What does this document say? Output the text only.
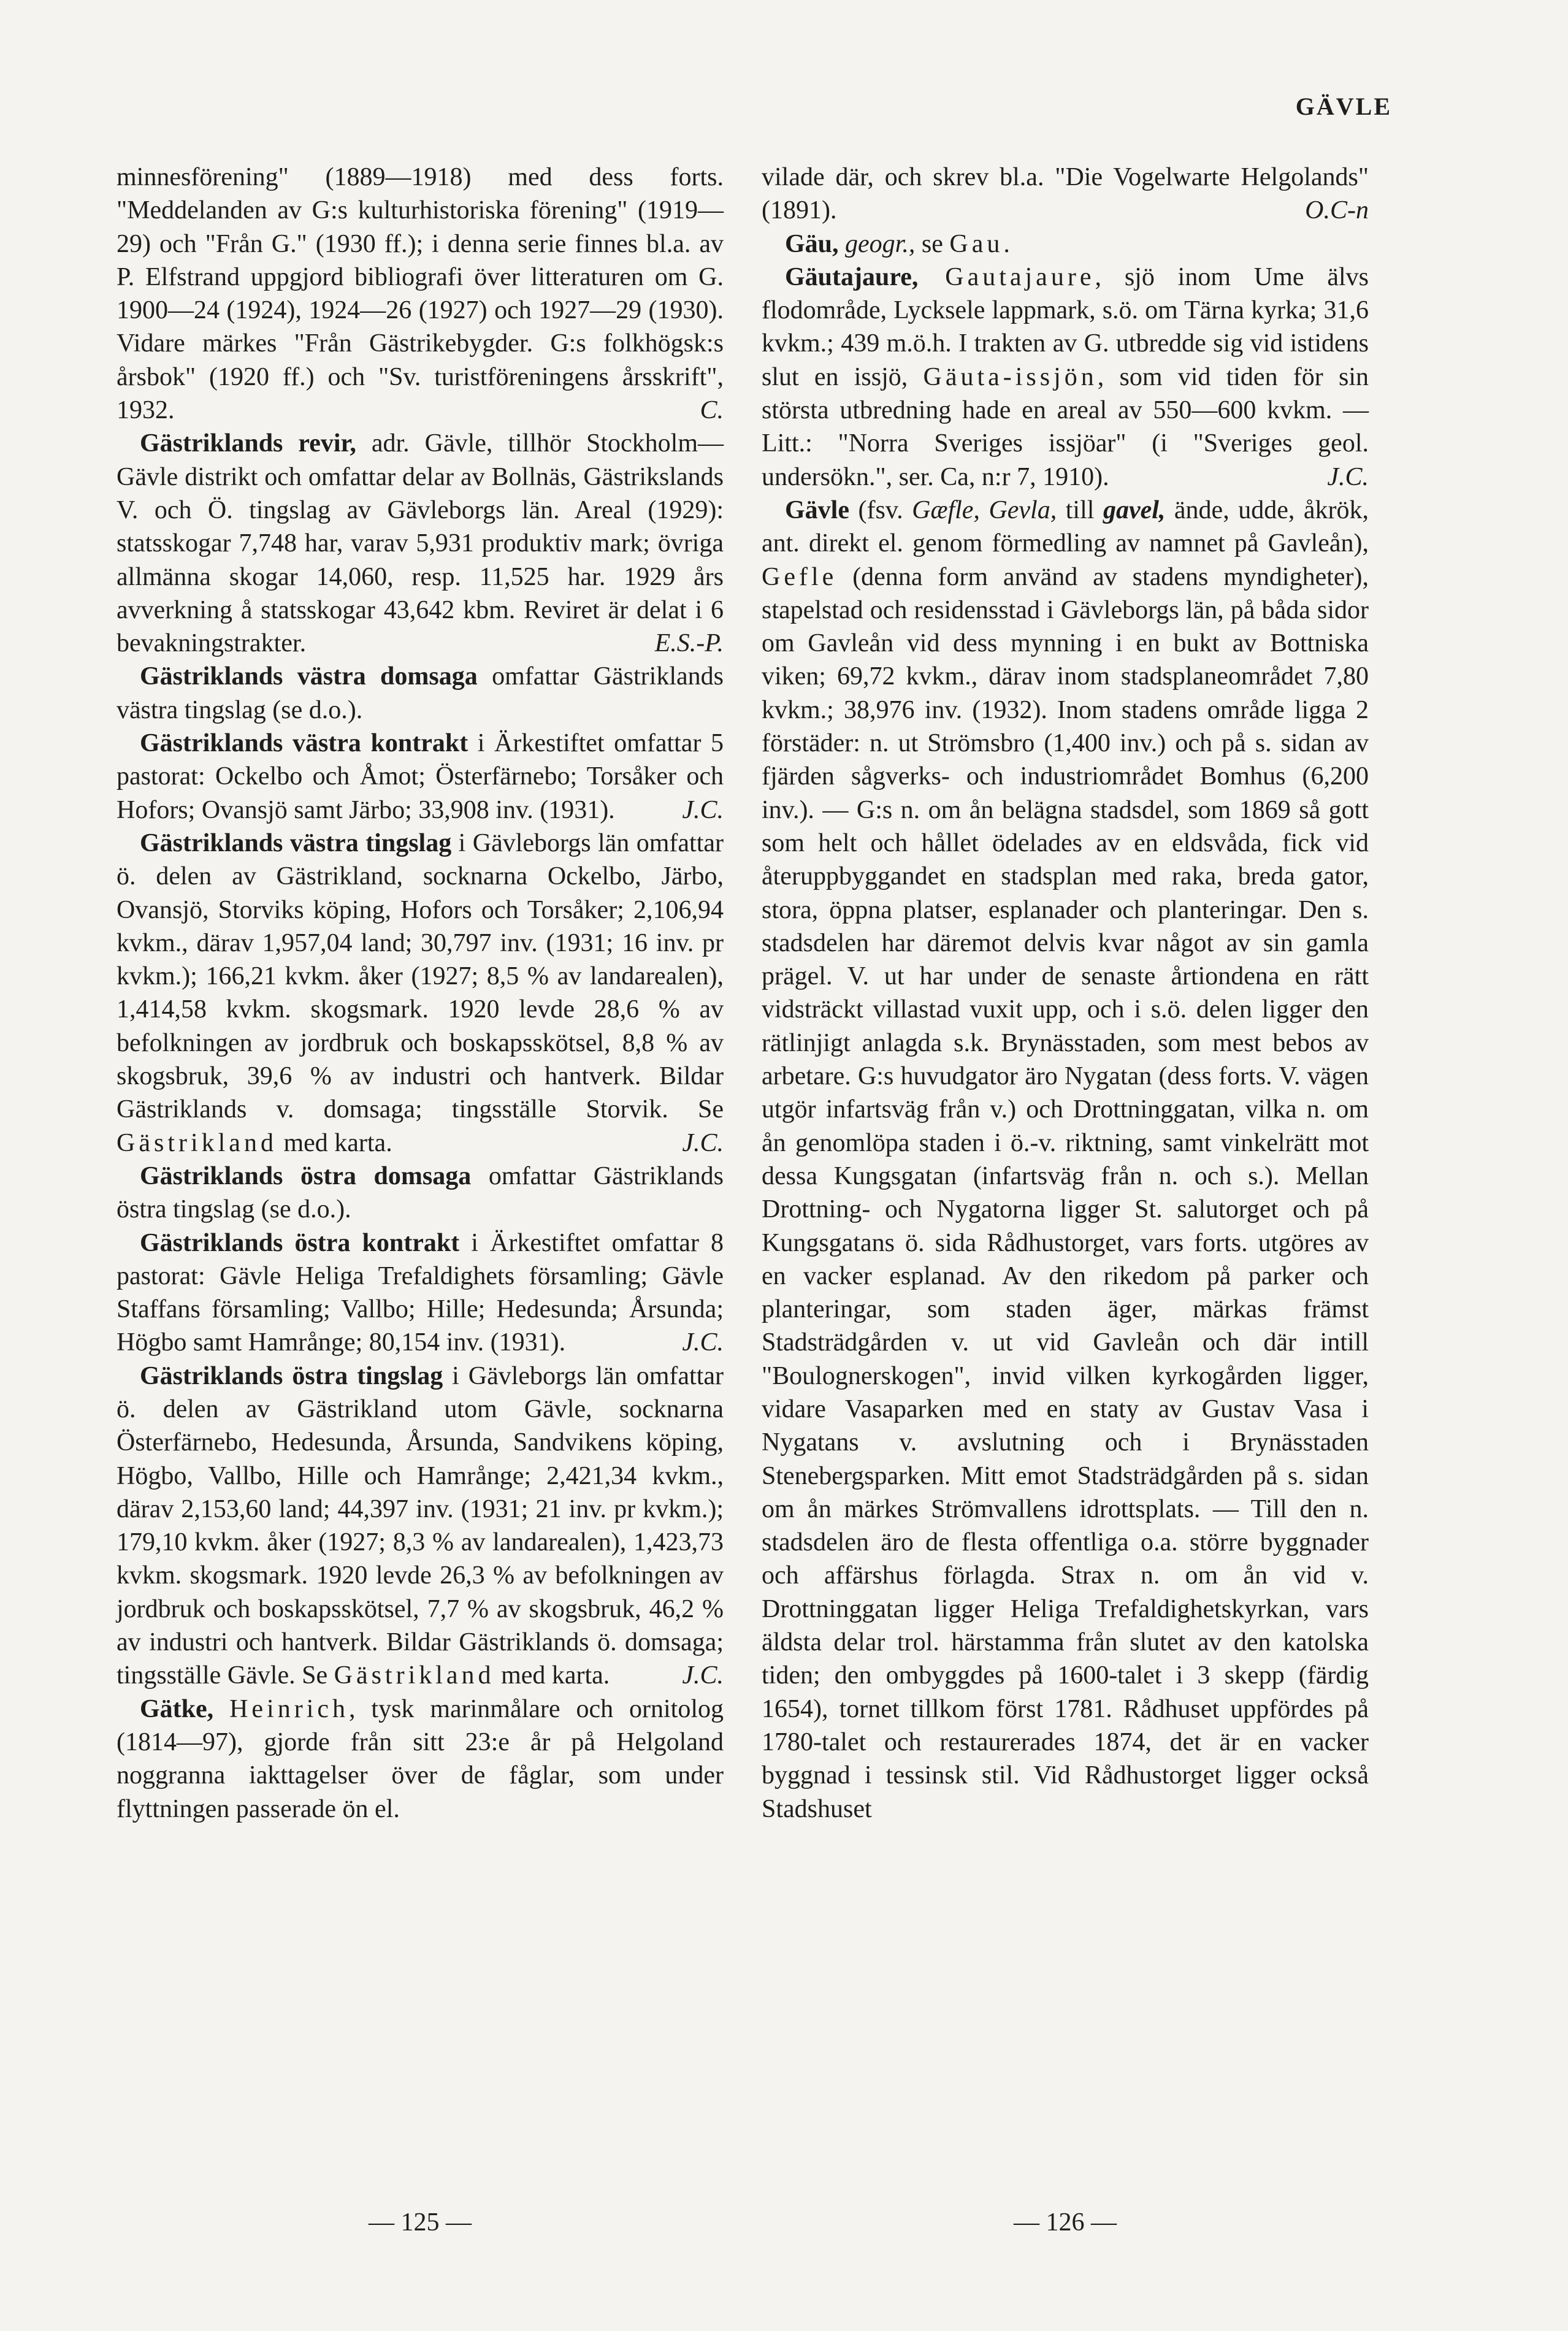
GÄVLE

minnesförening" (1889—1918) med dess forts. "Meddelanden av G:s kulturhistoriska förening" (1919—29) och "Från G." (1930 ff.); i denna serie finnes bl.a. av P. Elfstrand uppgjord bibliografi över litteraturen om G. 1900—24 (1924), 1924—26 (1927) och 1927—29 (1930). Vidare märkes "Från Gästrikebygder. G:s folkhögsk:s årsbok" (1920 ff.) och "Sv. turistföreningens årsskrift", 1932.	C.

Gästriklands revir, adr. Gävle, tillhör Stockholm—Gävle distrikt och omfattar delar av Bollnäs, Gästrikslands V. och Ö. tingslag av Gävleborgs län. Areal (1929): statsskogar 7,748 har, varav 5,931 produktiv mark; övriga allmänna skogar 14,060, resp. 11,525 har. 1929 års avverkning å statsskogar 43,642 kbm. Reviret är delat i 6 bevakningstrakter.	E.S.-P.

Gästriklands västra domsaga omfattar Gästriklands västra tingslag (se d.o.).

Gästriklands västra kontrakt i Ärkestiftet omfattar 5 pastorat: Ockelbo och Åmot; Österfärnebo; Torsåker och Hofors; Ovansjö samt Järbo; 33,908 inv. (1931).	J.C.

Gästriklands västra tingslag i Gävleborgs län omfattar ö. delen av Gästrikland, socknarna Ockelbo, Järbo, Ovansjö, Storviks köping, Hofors och Torsåker; 2,106,94 kvkm., därav 1,957,04 land; 30,797 inv. (1931; 16 inv. pr kvkm.); 166,21 kvkm. åker (1927; 8,5 % av landarealen), 1,414,58 kvkm. skogsmark. 1920 levde 28,6 % av befolkningen av jordbruk och boskapsskötsel, 8,8 % av skogsbruk, 39,6 % av industri och hantverk. Bildar Gästriklands v. domsaga; tingsställe Storvik. Se Gästrikland med karta.	J.C.

Gästriklands östra domsaga omfattar Gästriklands östra tingslag (se d.o.).

Gästriklands östra kontrakt i Ärkestiftet omfattar 8 pastorat: Gävle Heliga Trefaldighets församling; Gävle Staffans församling; Vallbo; Hille; Hedesunda; Årsunda; Högbo samt Hamrånge; 80,154 inv. (1931).	J.C.

Gästriklands östra tingslag i Gävleborgs län omfattar ö. delen av Gästrikland utom Gävle, socknarna Österfärnebo, Hedesunda, Årsunda, Sandvikens köping, Högbo, Vallbo, Hille och Hamrånge; 2,421,34 kvkm., därav 2,153,60 land; 44,397 inv. (1931; 21 inv. pr kvkm.); 179,10 kvkm. åker (1927; 8,3 % av landarealen), 1,423,73 kvkm. skogsmark. 1920 levde 26,3 % av befolkningen av jordbruk och boskapsskötsel, 7,7 % av skogsbruk, 46,2 % av industri och hantverk. Bildar Gästriklands ö. domsaga; tingsställe Gävle. Se Gästrikland med karta.	J.C.

Gätke, Heinrich, tysk marinmålare och ornitolog (1814—97), gjorde från sitt 23:e år på Helgoland noggranna iakttagelser över de fåglar, som under flyttningen passerade ön el.

vilade där, och skrev bl.a. "Die Vogelwarte Helgolands" (1891).	O.C-n

Gäu, geogr., se Gau.

Gäutajaure, Gautajaure, sjö inom Ume älvs flodområde, Lycksele lappmark, s.ö. om Tärna kyrka; 31,6 kvkm.; 439 m.ö.h. I trakten av G. utbredde sig vid istidens slut en issjö, Gäuta-issjön, som vid tiden för sin största utbredning hade en areal av 550—600 kvkm. — Litt.: "Norra Sveriges issjöar" (i "Sveriges geol. undersökn.", ser. Ca, n:r 7, 1910).	J.C.

Gävle (fsv. Gæfle, Gevla, till gavel, ände, udde, åkrök, ant. direkt el. genom förmedling av namnet på Gavleån), Gefle (denna form använd av stadens myndigheter), stapelstad och residensstad i Gävleborgs län, på båda sidor om Gavleån vid dess mynning i en bukt av Bottniska viken; 69,72 kvkm., därav inom stadsplaneområdet 7,80 kvkm.; 38,976 inv. (1932). Inom stadens område ligga 2 förstäder: n. ut Strömsbro (1,400 inv.) och på s. sidan av fjärden sågverks- och industriområdet Bomhus (6,200 inv.). — G:s n. om ån belägna stadsdel, som 1869 så gott som helt och hållet ödelades av en eldsvåda, fick vid återuppbyggandet en stadsplan med raka, breda gator, stora, öppna platser, esplanader och planteringar. Den s. stadsdelen har däremot delvis kvar något av sin gamla prägel. V. ut har under de senaste årtiondena en rätt vidsträckt villastad vuxit upp, och i s.ö. delen ligger den rätlinjigt anlagda s.k. Brynässtaden, som mest bebos av arbetare. G:s huvudgator äro Nygatan (dess forts. V. vägen utgör infartsväg från v.) och Drottninggatan, vilka n. om ån genomlöpa staden i ö.-v. riktning, samt vinkelrätt mot dessa Kungsgatan (infartsväg från n. och s.). Mellan Drottning- och Nygatorna ligger St. salutorget och på Kungsgatans ö. sida Rådhustorget, vars forts. utgöres av en vacker esplanad. Av den rikedom på parker och planteringar, som staden äger, märkas främst Stadsträdgården v. ut vid Gavleån och där intill "Boulognerskogen", invid vilken kyrkogården ligger, vidare Vasaparken med en staty av Gustav Vasa i Nygatans v. avslutning och i Brynässtaden Stenebergsparken. Mitt emot Stadsträdgården på s. sidan om ån märkes Strömvallens idrottsplats. — Till den n. stadsdelen äro de flesta offentliga o.a. större byggnader och affärshus förlagda. Strax n. om ån vid v. Drottninggatan ligger Heliga Trefaldighetskyrkan, vars äldsta delar trol. härstamma från slutet av den katolska tiden; den ombyggdes på 1600-talet i 3 skepp (färdig 1654), tornet tillkom först 1781. Rådhuset uppfördes på 1780-talet och restaurerades 1874, det är en vacker byggnad i tessinsk stil. Vid Rådhustorget ligger också Stadshuset

— 125 —	— 126 —
